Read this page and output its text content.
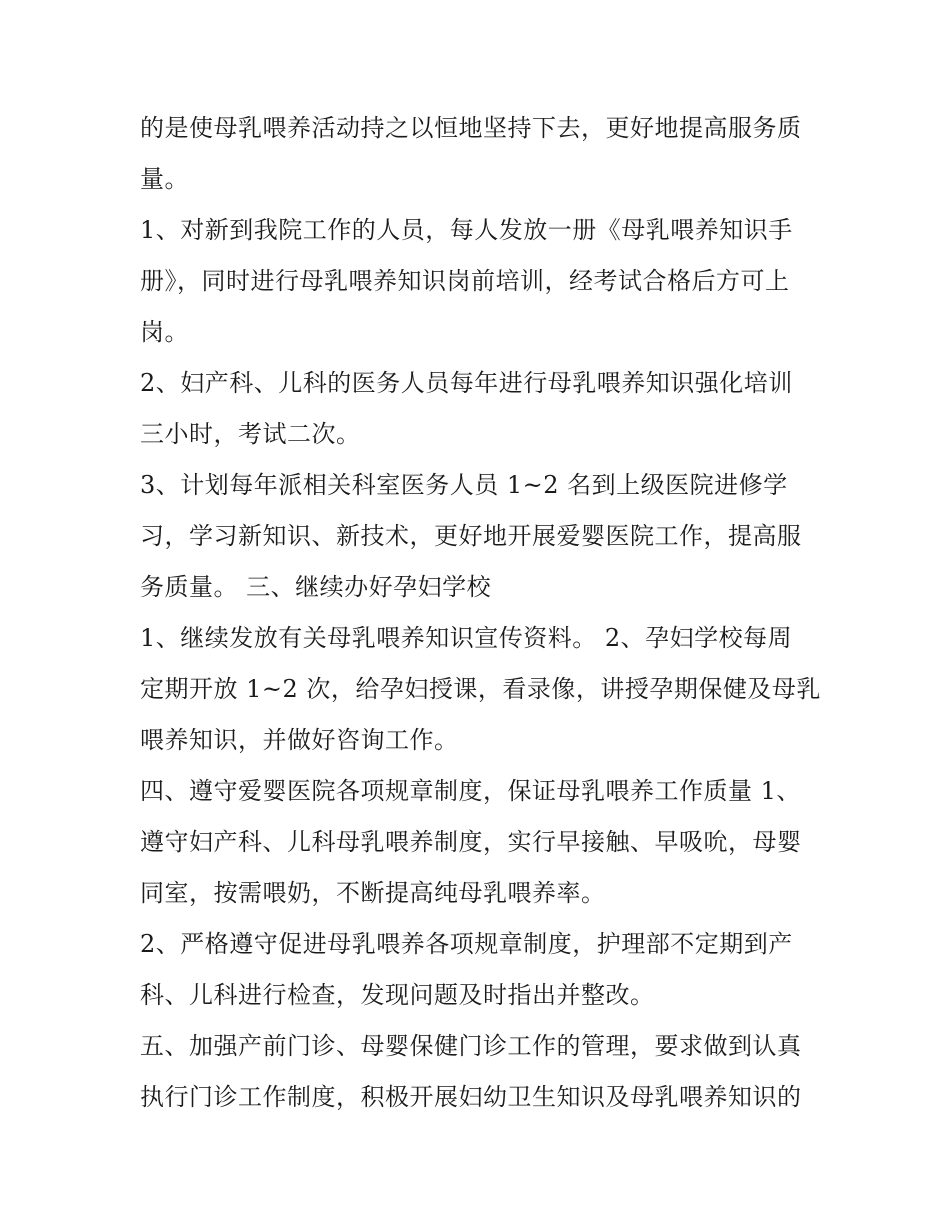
的是使母乳喂养活动持之以恒地坚持下去，更好地提高服务质
量。
1、对新到我院工作的人员，每人发放一册《母乳喂养知识手
册》，同时进行母乳喂养知识岗前培训，经考试合格后方可上
岗。
2、妇产科、儿科的医务人员每年进行母乳喂养知识强化培训
三小时，考试二次。
3、计划每年派相关科室医务人员 1~2 名到上级医院进修学
习，学习新知识、新技术，更好地开展爱婴医院工作，提高服
务质量。 三、继续办好孕妇学校
1、继续发放有关母乳喂养知识宣传资料。 2、孕妇学校每周
定期开放 1~2 次，给孕妇授课，看录像，讲授孕期保健及母乳
喂养知识，并做好咨询工作。
四、遵守爱婴医院各项规章制度，保证母乳喂养工作质量 1、
遵守妇产科、儿科母乳喂养制度，实行早接触、早吸吮，母婴
同室，按需喂奶，不断提高纯母乳喂养率。
2、严格遵守促进母乳喂养各项规章制度，护理部不定期到产
科、儿科进行检查，发现问题及时指出并整改。
五、加强产前门诊、母婴保健门诊工作的管理，要求做到认真
执行门诊工作制度，积极开展妇幼卫生知识及母乳喂养知识的
